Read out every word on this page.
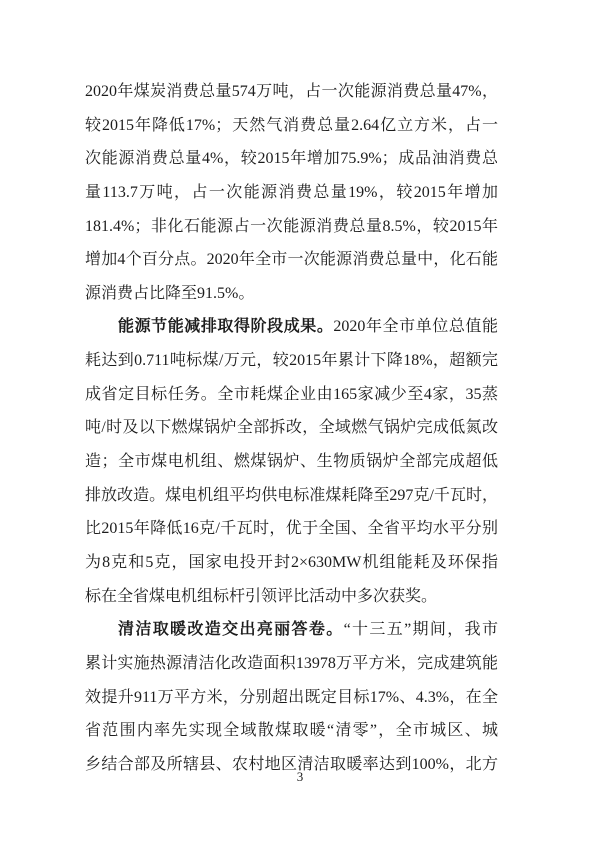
2020年煤炭消费总量574万吨，占一次能源消费总量47%，
较2015年降低17%；天然气消费总量2.64亿立方米，占一
次能源消费总量4%，较2015年增加75.9%；成品油消费总
量113.7万吨，占一次能源消费总量19%，较2015年增加
181.4%；非化石能源占一次能源消费总量8.5%，较2015年
增加4个百分点。2020年全市一次能源消费总量中，化石能
源消费占比降至91.5%。
能源节能减排取得阶段成果。2020年全市单位总值能
耗达到0.711吨标煤/万元，较2015年累计下降18%，超额完
成省定目标任务。全市耗煤企业由165家减少至4家，35蒸
吨/时及以下燃煤锅炉全部拆改，全域燃气锅炉完成低氮改
造；全市煤电机组、燃煤锅炉、生物质锅炉全部完成超低
排放改造。煤电机组平均供电标准煤耗降至297克/千瓦时，
比2015年降低16克/千瓦时，优于全国、全省平均水平分别
为8克和5克，国家电投开封2×630MW机组能耗及环保指
标在全省煤电机组标杆引领评比活动中多次获奖。
清洁取暖改造交出亮丽答卷。“十三五”期间，我市
累计实施热源清洁化改造面积13978万平方米，完成建筑能
效提升911万平方米，分别超出既定目标17%、4.3%，在全
省范围内率先实现全域散煤取暖“清零”，全市城区、城
乡结合部及所辖县、农村地区清洁取暖率达到100%，北方
3
